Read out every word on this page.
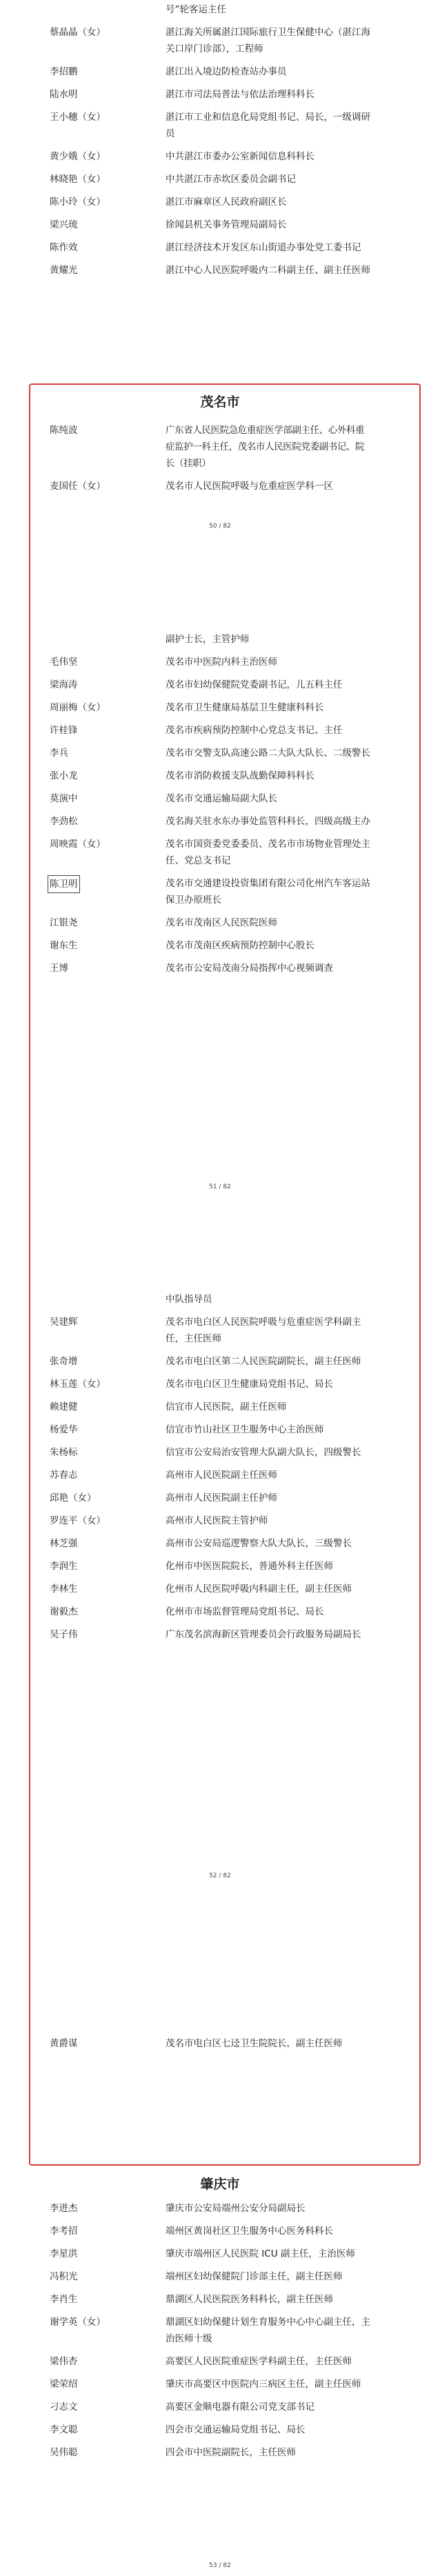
号”轮客运主任
蔡晶晶（女）	湛江海关所属湛江国际旅行卫生保健中心（湛江海关口岸门诊部），工程师
李招鹏	湛江出入境边防检查站办事员
陆水明	湛江市司法局普法与依法治理科科长
王小穗（女）	湛江市工业和信息化局党组书记、局长，一级调研员
黄少娥（女）	中共湛江市委办公室新闻信息科科长
林晓艳（女）	中共湛江市赤坎区委员会副书记
陈小玲（女）	湛江市麻章区人民政府副区长
梁兴琉	徐闻县机关事务管理局副局长
陈作效	湛江经济技术开发区东山街道办事处党工委书记
黄耀光	湛江中心人民医院呼吸内二科副主任、副主任医师
茂名市
陈纯波	广东省人民医院急危重症医学部副主任、心外科重症监护一科主任，茂名市人民医院党委副书记、院长（挂职）
麦国任（女）	茂名市人民医院呼吸与危重症医学科一区
50 / 82
副护士长，主管护师
毛伟坚	茂名市中医院内科主治医师
梁海涛	茂名市妇幼保健院党委副书记，儿五科主任
周丽梅（女）	茂名市卫生健康局基层卫生健康科科长
许桂锋	茂名市疾病预防控制中心党总支书记、主任
李兵	茂名市交警支队高速公路二大队大队长、二级警长
张小龙	茂名市消防救援支队战勤保障科科长
莫演中	茂名市交通运输局副大队长
李劲松	茂名海关驻水东办事处监管科科长，四级高级主办
周映霞（女）	茂名市国资委党委委员、茂名市市场物业管理处主任、党总支书记
陈卫明	茂名市交通建设投资集团有限公司化州汽车客运站保卫办原班长
江银尧	茂名市茂南区人民医院医师
谢东生	茂名市茂南区疾病预防控制中心股长
王博	茂名市公安局茂南分局指挥中心视频调查
51 / 82
中队指导员
吴建辉	茂名市电白区人民医院呼吸与危重症医学科副主任，主任医师
张奇增	茂名市电白区第二人民医院副院长，副主任医师
林玉莲（女）	茂名市电白区卫生健康局党组书记、局长
赖建健	信宜市人民医院，副主任医师
杨爱华	信宜市竹山社区卫生服务中心主治医师
朱杨标	信宜市公安局治安管理大队副大队长，四级警长
苏春志	高州市人民医院副主任医师
邱艳（女）	高州市人民医院副主任护师
罗连平（女）	高州市人民医院主管护师
林芝强	高州市公安局巡逻警察大队大队长，三级警长
李润生	化州市中医医院院长，普通外科主任医师
李林生	化州市人民医院呼吸内科副主任，副主任医师
谢毅杰	化州市市场监督管理局党组书记、局长
吴子伟	广东茂名滨海新区管理委员会行政服务局副局长
52 / 82
黄爵谋	茂名市电白区七迳卫生院院长，副主任医师
肇庆市
李进杰	肇庆市公安局端州公安分局副局长
李考招	端州区黄岗社区卫生服务中心医务科科长
李星洪	肇庆市端州区人民医院 ICU 副主任，主治医师
冯积光	端州区妇幼保健院门诊部主任，副主任医师
李肖生	鼎湖区人民医院医务科科长，副主任医师
谢学英（女）	鼎湖区妇幼保健计划生育服务中心中心副主任，主治医师十级
梁伟杏	高要区人民医院重症医学科副主任，主任医师
梁荣绍	肇庆市高要区中医院内三病区主任，副主任医师
刁志文	高要区金顺电器有限公司党支部书记
李文聪	四会市交通运输局党组书记、局长
吴伟聪	四会市中医院副院长，主任医师
53 / 82
